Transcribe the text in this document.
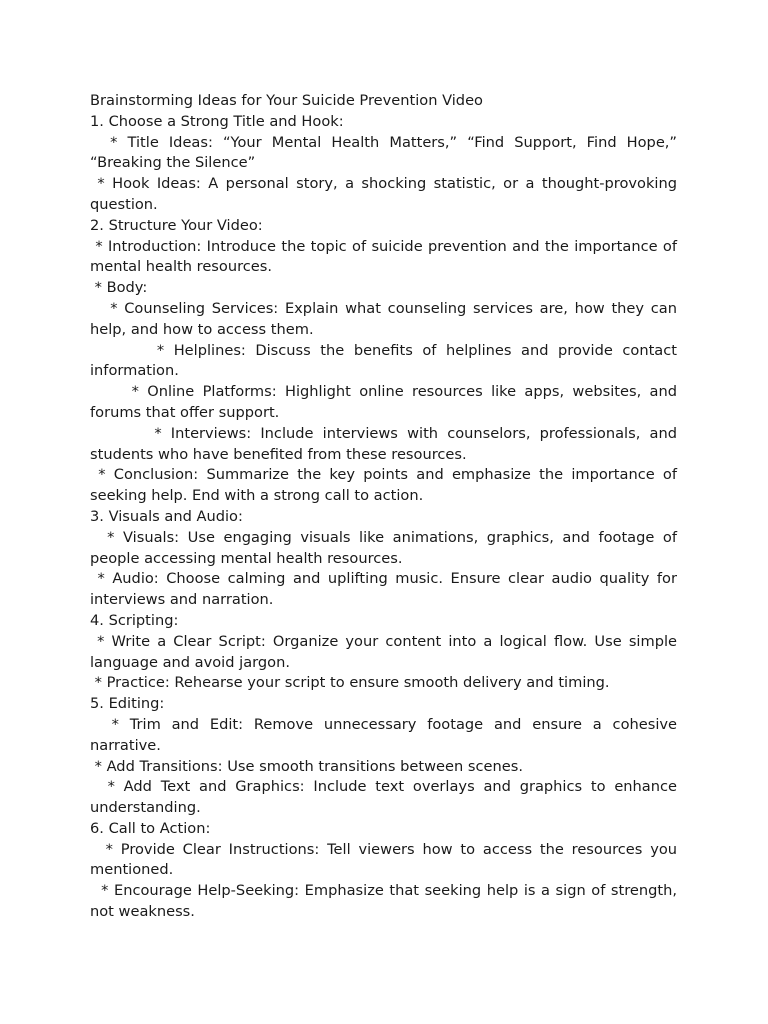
Brainstorming Ideas for Your Suicide Prevention Video

1. Choose a Strong Title and Hook:

* Title Ideas: “Your Mental Health Matters,” “Find Support, Find Hope,” “Breaking the Silence”

* Hook Ideas: A personal story, a shocking statistic, or a thought-provoking question.

2. Structure Your Video:

* Introduction: Introduce the topic of suicide prevention and the importance of mental health resources.

* Body:

* Counseling Services: Explain what counseling services are, how they can help, and how to access them.

* Helplines: Discuss the benefits of helplines and provide contact information.

* Online Platforms: Highlight online resources like apps, websites, and forums that offer support.

* Interviews: Include interviews with counselors, professionals, and students who have benefited from these resources.

* Conclusion: Summarize the key points and emphasize the importance of seeking help. End with a strong call to action.

3. Visuals and Audio:

* Visuals: Use engaging visuals like animations, graphics, and footage of people accessing mental health resources.

* Audio: Choose calming and uplifting music. Ensure clear audio quality for interviews and narration.

4. Scripting:

* Write a Clear Script: Organize your content into a logical flow. Use simple language and avoid jargon.

* Practice: Rehearse your script to ensure smooth delivery and timing.

5. Editing:

* Trim and Edit: Remove unnecessary footage and ensure a cohesive narrative.

* Add Transitions: Use smooth transitions between scenes.

* Add Text and Graphics: Include text overlays and graphics to enhance understanding.

6. Call to Action:

* Provide Clear Instructions: Tell viewers how to access the resources you mentioned.

* Encourage Help-Seeking: Emphasize that seeking help is a sign of strength, not weakness.
